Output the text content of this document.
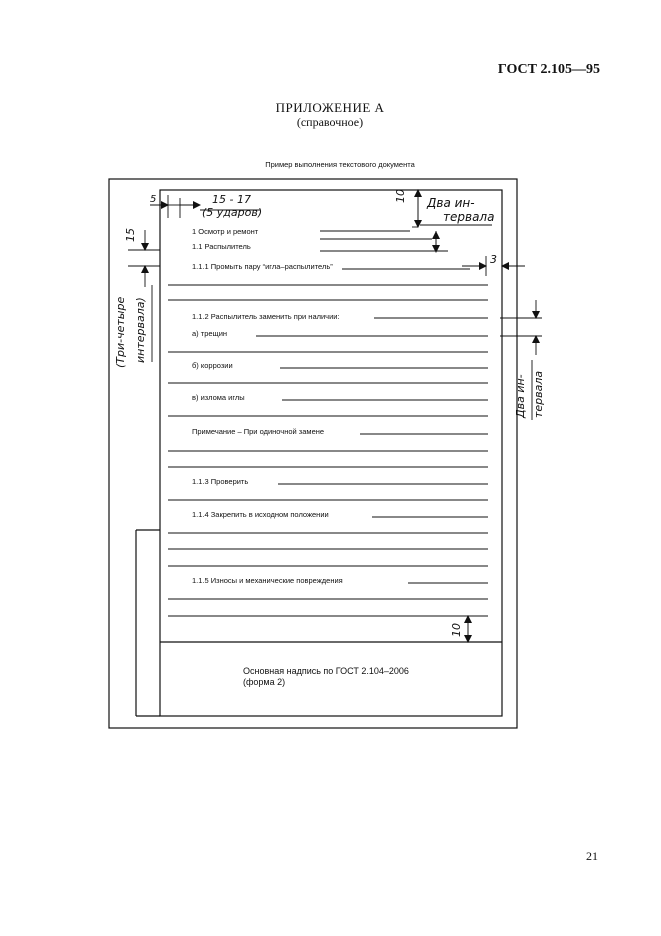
ГОСТ 2.105—95
ПРИЛОЖЕНИЕ А
(справочное)
Пример выполнения текстового документа
5	15 - 17
(5 ударов)
10 Два ин-
тервала
3
15
(Три-четыре интервала)
Два ин- тервала
10
1 Осмотр и ремонт
1.1 Распылитель
1.1.1 Промыть пару “игла–распылитель”
1.1.2 Распылитель заменить при наличии:
а) трещин
б) коррозии
в) излома иглы
Примечание – При одиночной замене
1.1.3 Проверить
1.1.4 Закрепить в исходном положении
1.1.5 Износы и механические повреждения
Основная надпись по ГОСТ 2.104–2006
(форма 2)
21
